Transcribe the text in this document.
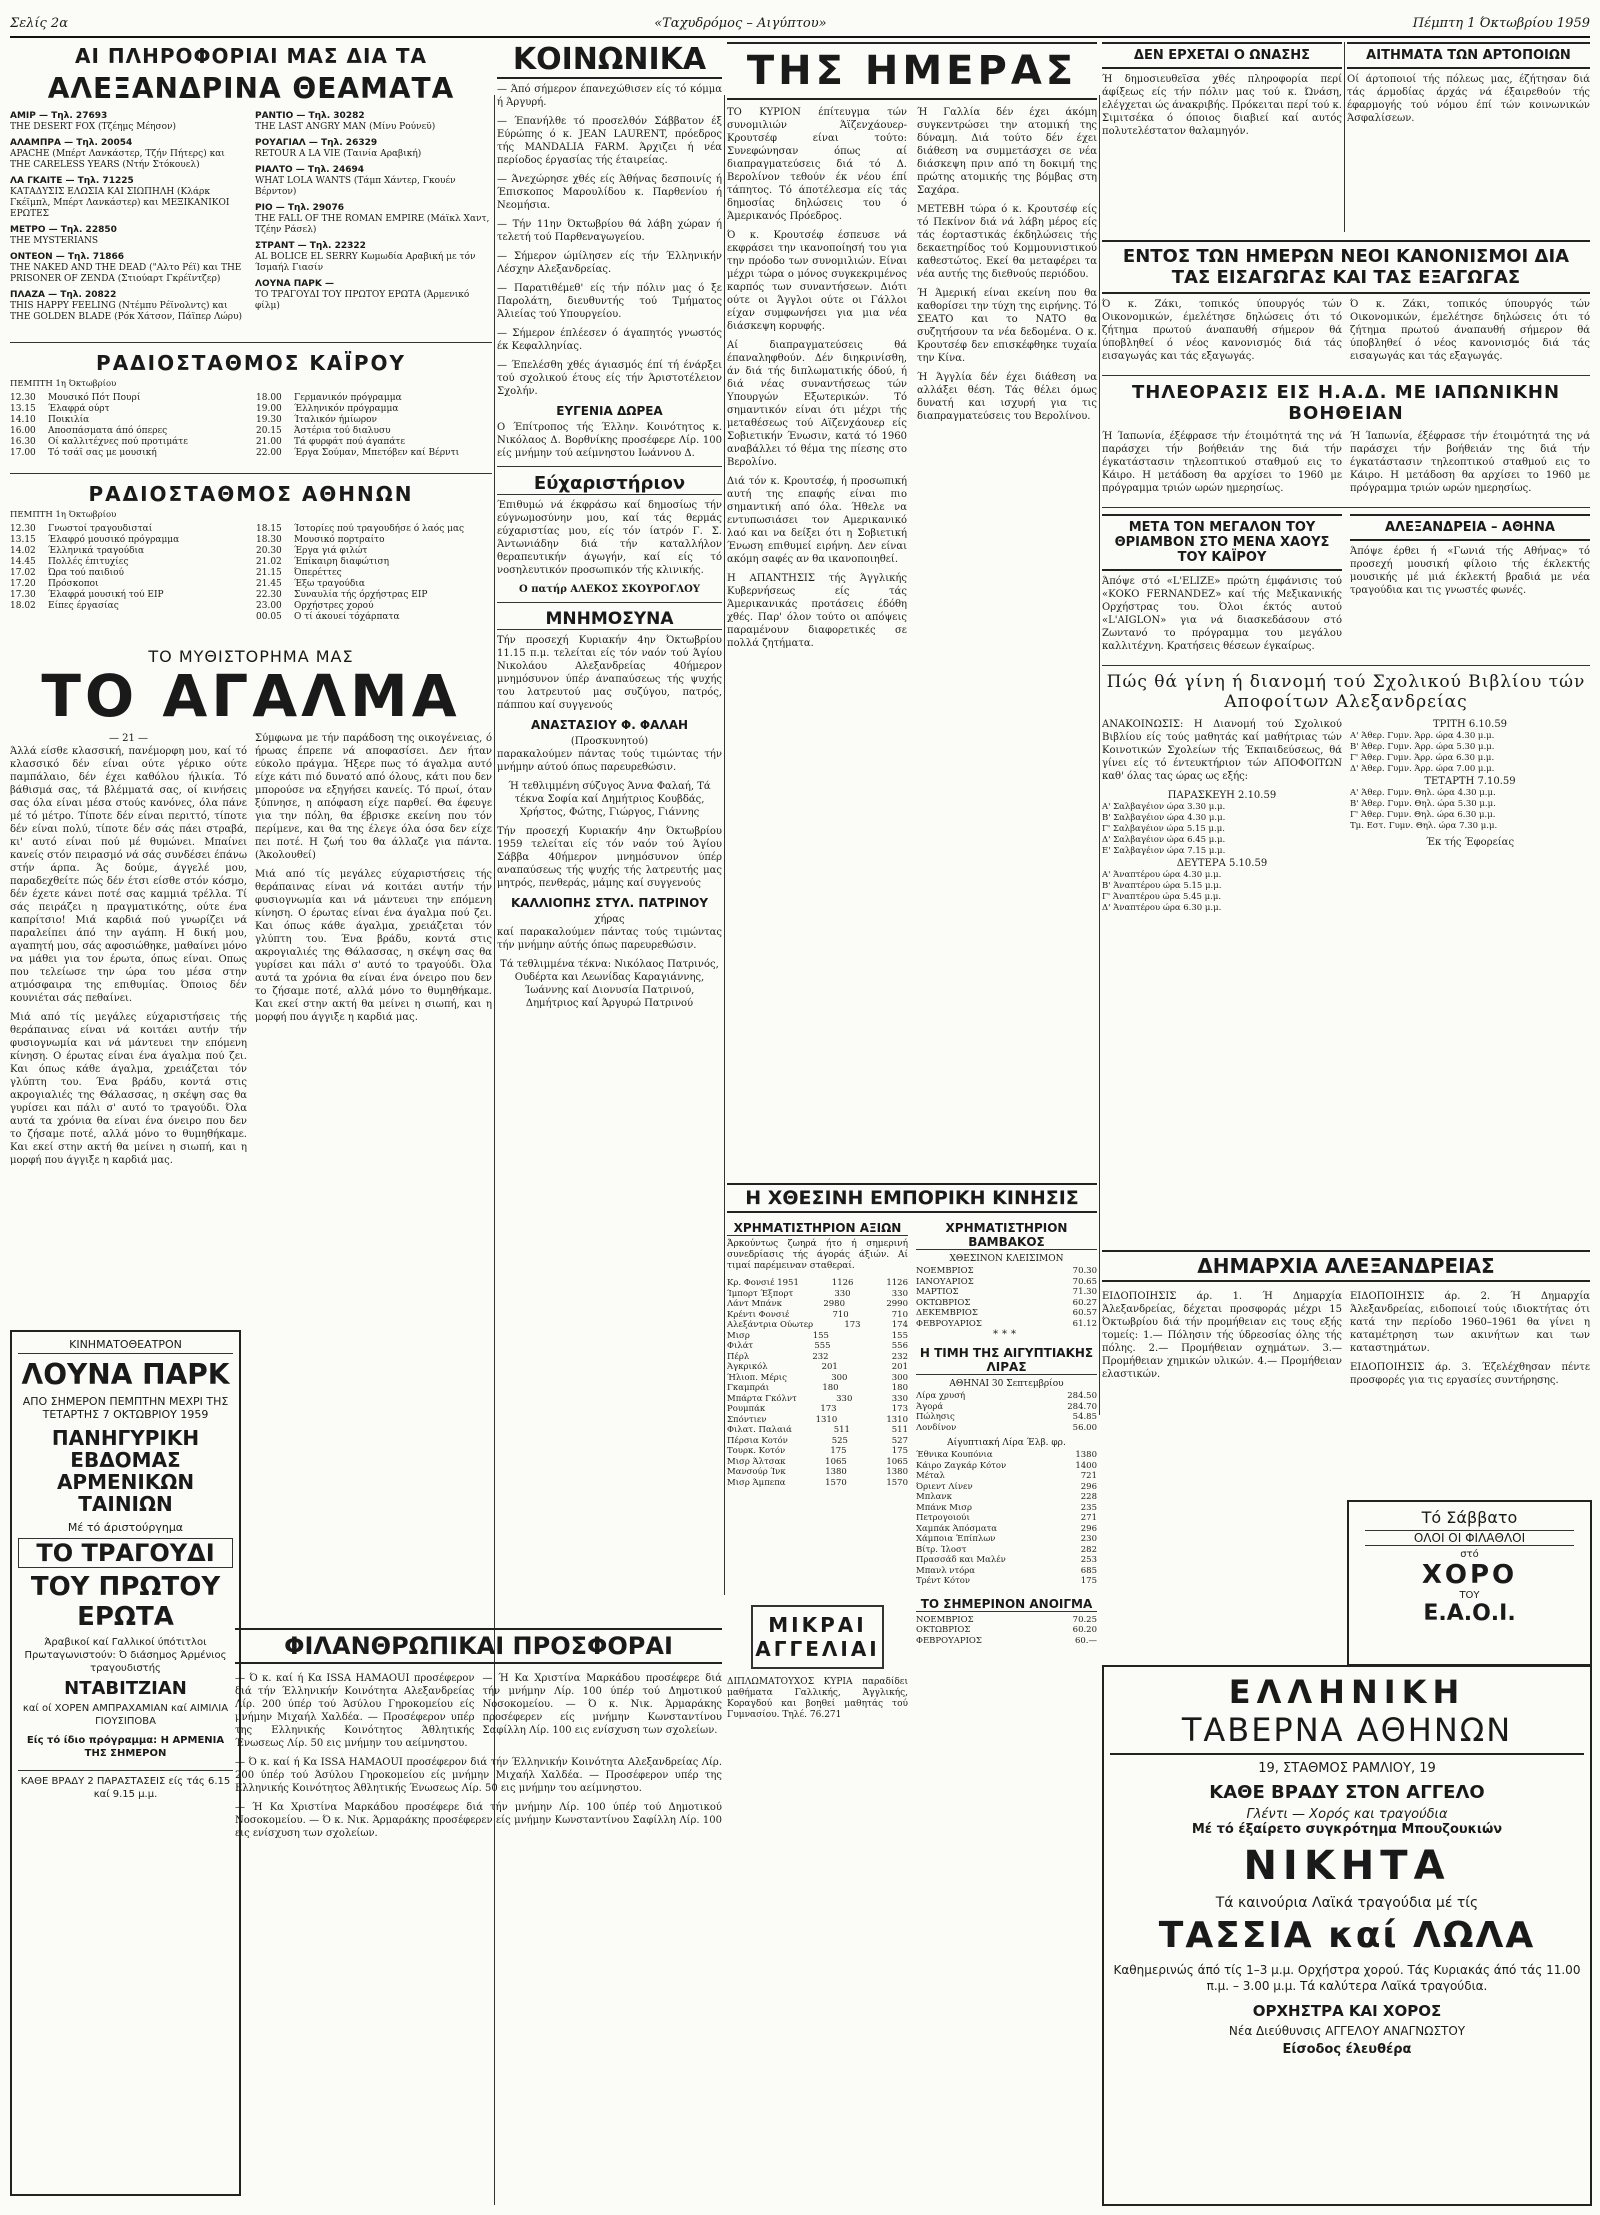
Σελίς 2α	«Ταχυδρόμος – Αιγύπτου»	Πέμπτη 1 Όκτωβρίου 1959
ΑΙ ΠΛΗΡΟΦΟΡΙΑΙ ΜΑΣ ΔΙΑ ΤΑ
ΑΛΕΞΑΝΔΡΙΝΑ ΘΕΑΜΑΤΑ
ΑΜΙΡ — Τηλ. 27693
THE DESERT FOX (Τζέημς Μέησον)
ΑΛΑΜΠΡΑ — Τηλ. 20054
APACHE (Μπέρτ Λανκάστερ, Τζήν Πήτερς) και THE CARELESS YEARS (Ντήν Στόκουελ)
ΛΑ ΓΚΑΙΤΕ — Τηλ. 71225
ΚΑΤΑΔΥΣΙΣ ΕΛΩΣΙΑ ΚΑΙ ΣΙΩΠΗΛΗ (Κλάρκ Γκέϊμπλ, Μπέρτ Λανκάστερ) και ΜΕΞΙΚΑΝΙΚΟΙ ΕΡΩΤΕΣ
ΜΕΤΡΟ — Τηλ. 22850
THE MYSTERIANS
ΟΝΤΕΟΝ — Τηλ. 71866
THE NAKED AND THE DEAD ("Αλτο Ρέϊ) και THE PRISONER OF ZENDA (Στιούαρτ Γκρέϊντζερ)
ΠΛΑΖΑ — Τηλ. 20822
THIS HAPPY FEELING (Ντέμπυ Ρέϊνολντς) και THE GOLDEN BLADE (Ρόκ Χάτσον, Πάϊπερ Λώρυ)
ΡΑΝΤΙΟ — Τηλ. 30282
THE LAST ANGRY MAN (Μίνυ Ρούνεϋ)
ΡΟΥΑΓΙΑΛ — Τηλ. 26329
RETOUR A LA VIE (Ταινία Αραβική)
ΡΙΑΛΤΟ — Τηλ. 24694
WHAT LOLA WANTS (Τάμπ Χάντερ, Γκουέν Βέρντον)
ΡΙΟ — Τηλ. 29076
THE FALL OF THE ROMAN EMPIRE (Μάϊκλ Χαντ, Τζέην Ράσελ)
ΣΤΡΑΝΤ — Τηλ. 22322
AL BOLICE EL SERRY Κωμωδία Αραβική με τόν Ίσμαήλ Γιασίν
ΛΟΥΝΑ ΠΑΡΚ —
ΤΟ ΤΡΑΓΟΥΔΙ ΤΟΥ ΠΡΩΤΟΥ ΕΡΩΤΑ (Άρμενικό φίλμ)
ΡΑΔΙΟΣΤΑΘΜΟΣ ΚΑΪΡΟΥ
ΠΕΜΠΤΗ 1η Όκτωβρίου
12.30	Μουσικό Πότ Πουρί
13.15	Έλαφρά ούρτ
14.10	Ποικιλία
16.00	Αποσπάσματα άπό όπερες
16.30	Οί καλλιτέχνες πού προτιμάτε
17.00	Τό τσάϊ σας με μουσική
18.00	Γερμανικόν πρόγραμμα
19.00	Έλληνικόν πρόγραμμα
19.30	Ίταλικόν ήμίωρον
20.15	Άστέρια τού διαλυσυ
21.00	Τά φυρφάτ πού άγαπάτε
22.00	Έργα Σούμαν, Μπετόβεν καί Βέρντι
ΡΑΔΙΟΣΤΑΘΜΟΣ ΑΘΗΝΩΝ
ΠΕΜΠΤΗ 1η Όκτωβρίου
12.30	Γνωστοί τραγουδισταί
13.15	Έλαφρό μουσικό πρόγραμμα
14.02	Έλληνικά τραγούδια
14.45	Πολλές έπιτυχίες
17.02	Ώρα τού παιδιού
17.20	Πρόσκοποι
17.30	Έλαφρά μουσική τού ΕΙΡ
18.02	Είπες έργασίας
18.15	Ίστορίες πού τραγουδήσε ό λαός μας
18.30	Μουσικό πορτραίτο
20.30	Έργα γιά φιλώτ
21.02	Έπίκαιρη διαφώτιση
21.15	Όπερέττες
21.45	Έξω τραγούδια
22.30	Συναυλία τής όρχήστρας ΕΙΡ
23.00	Ορχήστρες χορού
00.05	Ο τί άκουεί τόχάρπατα
ΤΟ ΜΥΘΙΣΤΟΡΗΜΑ ΜΑΣ
ΤΟ ΑΓΑΛΜΑ
— 21 —

Άλλά είσθε κλασσική, πανέμορφη μου, καί τό κλασσικό δέν είναι ούτε γέρικο ούτε παμπάλαιο, δέν έχει καθόλου ήλικία. Τό βάθισμά σας, τά βλέμματά σας, οί κινήσεις σας όλα είναι μέσα στούς κανόνες, όλα πάνε μέ τό μέτρο. Τίποτε δέν είναι περιττό, τίποτε δέν είναι πολύ, τίποτε δέν σάς πάει στραβά, κι' αυτό είναι πού μέ θυμώνει. Μπαίνει κανείς στόν πειρασμό νά σάς συνδέσει έπάνω στήν άρπα. Άς δούμε, άγγελέ μου, παραδεχθείτε πώς δέν έτσι είσθε στόν κόσμο, δέν έχετε κάνει ποτέ σας καμμιά τρέλλα. Τί σάς πειράζει η πραγματικότης, ούτε ένα καπρίτσιο! Μιά καρδιά πού γνωρίζει νά παραλείπει άπό την αγάπη. Η δική μου, αγαπητή μου, σάς αφοσιώθηκε, μαθαίνει μόνο να μάθει για τον έρωτα, όπως είναι. Οπως που τελείωσε την ώρα του μέσα στην ατμόσφαιρα της επιθυμίας. Όποιος δέν κουνιέται σάς πεθαίνει.

Μιά από τίς μεγάλες εύχαριστήσεις τής θεράπαινας είναι νά κοιτάει αυτήν τήν φυσιογνωμία και νά μάντευει την επόμενη κίνηση. Ο έρωτας είναι ένα άγαλμα πού ζει. Και όπως κάθε άγαλμα, χρειάζεται τόν γλύπτη του. Ένα βράδυ, κοντά στις ακρογιαλιές της Θάλασσας, η σκέψη σας θα γυρίσει και πάλι σ' αυτό το τραγούδι. Όλα αυτά τα χρόνια θα είναι ένα όνειρο που δεν το ζήσαμε ποτέ, αλλά μόνο το θυμηθήκαμε. Και εκεί στην ακτή θα μείνει η σιωπή, και η μορφή που άγγιξε η καρδιά μας.

Σύμφωνα με τήν παράδοση της οικογένειας, ό ήρωας έπρεπε νά αποφασίσει. Δεν ήταν εύκολο πράγμα. Ήξερε πως τό άγαλμα αυτό είχε κάτι πιό δυνατό από όλους, κάτι που δεν μπορούσε να εξηγήσει κανείς. Τό πρωί, όταν ξύπνησε, η απόφαση είχε παρθεί. Θα έφευγε για την πόλη, θα έβρισκε εκείνη που τόν περίμενε, και θα της έλεγε όλα όσα δεν είχε πει ποτέ. Η ζωή του θα άλλαζε για πάντα. (Άκολουθεί)

Μιά από τίς μεγάλες εύχαριστήσεις τής θεράπαινας είναι νά κοιτάει αυτήν τήν φυσιογνωμία και νά μάντευει την επόμενη κίνηση. Ο έρωτας είναι ένα άγαλμα πού ζει. Και όπως κάθε άγαλμα, χρειάζεται τόν γλύπτη του. Ένα βράδυ, κοντά στις ακρογιαλιές της Θάλασσας, η σκέψη σας θα γυρίσει και πάλι σ' αυτό το τραγούδι. Όλα αυτά τα χρόνια θα είναι ένα όνειρο που δεν το ζήσαμε ποτέ, αλλά μόνο το θυμηθήκαμε. Και εκεί στην ακτή θα μείνει η σιωπή, και η μορφή που άγγιξε η καρδιά μας.

ΚΙΝΗΜΑΤΟΘΕΑΤΡΟΝ
ΛΟΥΝΑ ΠΑΡΚ
ΑΠΟ ΣΗΜΕΡΟΝ ΠΕΜΠΤΗΝ ΜΕΧΡΙ ΤΗΣ ΤΕΤΑΡΤΗΣ 7 ΟΚΤΩΒΡΙΟΥ 1959
ΠΑΝΗΓΥΡΙΚΗ ΕΒΔΟΜΑΣ ΑΡΜΕΝΙΚΩΝ ΤΑΙΝΙΩΝ
Μέ τό άριστούργημα
ΤΟ ΤΡΑΓΟΥΔΙ
ΤΟΥ ΠΡΩΤΟΥ ΕΡΩΤΑ
Άραβικοί καί Γαλλικοί ύπότιτλοι Πρωταγωνιστούν: Ό διάσημος Άρμένιος τραγουδιστής
ΝΤΑΒΙΤΖΙΑΝ
καί οί ΧΟΡΕΝ ΑΜΠΡΑΧΑΜΙΑΝ καί ΑΙΜΙΛΙΑ ΓΙΟΥΣΙΠΟΒΑ
Είς τό ίδιο πρόγραμμα: Η ΑΡΜΕΝΙΑ ΤΗΣ ΣΗΜΕΡΟΝ
ΚΑΘΕ ΒΡΑΔΥ 2 ΠΑΡΑΣΤΑΣΕΙΣ είς τάς 6.15 καί 9.15 μ.μ.
ΚΟΙΝΩΝΙΚΑ

— Άπό σήμερον έπανεχώθισεν είς τό κόμμα ή Άργυρή.

— Έπανήλθε τό προσελθόν Σάββατον έξ Εύρώπης ό κ. JEAN LAURENT, πρόεδρος τής MANDALIA FARM. Άρχιζει ή νέα περίοδος έργασίας τής έταιρείας.

— Άνεχώρησε χθές είς Άθήνας δεσποινίς ή Έπισκοπος Μαρουλίδου κ. Παρθενίου ή Νεομήσια.

— Τήν 11ην Όκτωβρίου θά λάβη χώραν ή τελετή τού Παρθεναγωγείου.

— Σήμερον ώμίλησεν είς τήν Έλληνικήν Λέσχην Αλεξανδρείας.

— Παρατιθέμεθ' είς τήν πόλιν μας ό ξε Παρολάτη, διευθυντής τού Τμήματος Άλιείας τού Υπουργείου.

— Σήμερον έπλέεσεν ό άγαπητός γνωστός έκ Κεφαλληνίας.

— Έπελέσθη χθές άγιασμός έπί τή ένάρξει τού σχολικού έτους είς τήν Άριστοτέλειον Σχολήν.

ΕΥΓΕΝΙΑ ΔΩΡΕΑ

Ο Έπίτροπος τής Έλλην. Κοινότητος κ. Νικόλαος Δ. Βορθνίκης προσέφερε Λίρ. 100 είς μνήμην τού αείμνηστου Ιωάννου Δ.

Εύχαριστήριον

Έπιθυμώ νά έκφράσω καί δημοσίως τήν εύγνωμοσύνην μου, καί τάς θερμάς εύχαριστίας μου, είς τόν ίατρόν Γ. Σ. Άντωνιάδην διά τήν καταλλήλον θεραπευτικήν άγωγήν, καί είς τό νοσηλευτικόν προσωπικόν τής κλινικής.

Ο πατήρ ΑΛΕΚΟΣ ΣΚΟΥΡΟΓΛΟΥ
ΜΝΗΜΟΣΥΝΑ

Τήν προσεχή Κυριακήν 4ην Όκτωβρίου 11.15 π.μ. τελείται είς τόν ναόν τού Άγίου Νικολάου Αλεξανδρείας 40ήμερον μνημόσυνον ύπέρ άναπαύσεως τής ψυχής του λατρευτού μας συζύγου, πατρός, πάππου καί συγγενούς

ΑΝΑΣΤΑΣΙΟΥ Φ. ΦΑΛΑΗ
(Προσκυνητού)

παρακαλούμεν πάντας τούς τιμώντας τήν μνήμην αύτού όπως παρευρεθώσιν.

Ή τεθλιμμένη σύζυγος Άννα Φαλαή, Τά τέκνα Σοφία καί Δημήτριος Κουβδάς, Χρήστος, Φώτης, Γιώργος, Γιάννης

Τήν προσεχή Κυριακήν 4ην Όκτωβρίου 1959 τελείται είς τόν ναόν τού Άγίου Σάββα 40ήμερον μνημόσυνον ύπέρ αναπαύσεως τής ψυχής τής λατρευτής μας μητρός, πενθεράς, μάμης καί συγγενούς

ΚΑΛΛΙΟΠΗΣ ΣΤΥΛ. ΠΑΤΡΙΝΟΥ
χήρας

καί παρακαλούμεν πάντας τούς τιμώντας τήν μνήμην αύτής όπως παρευρεθώσιν.

Τά τεθλιμμένα τέκνα: Νικόλαος Πατρινός, Ουδέρτα και Λεωνίδας Καραγιάννης, Ίωάννης καί Διονυσία Πατρινού, Δημήτριος καί Άργυρώ Πατρινού

ΦΙΛΑΝΘΡΩΠΙΚΑΙ ΠΡΟΣΦΟΡΑΙ

— Ό κ. καί ή Κα ISSA HAMAOUI προσέφερον διά τήν Έλληνικήν Κοινότητα Αλεξανδρείας Λίρ. 200 ύπέρ τού Άσύλου Γηροκομείου είς μνήμην Μιχαήλ Χαλδέα. — Προσέφερον υπέρ της Ελληνικής Κοινότητος Άθλητικής Ένωσεως Λίρ. 50 εις μνήμην του αείμνηστου.

— Ή Κα Χριστίνα Μαρκάδου προσέφερε διά τήν μνήμην Λίρ. 100 ύπέρ τού Δημοτικού Νοσοκομείου. — Ό κ. Νικ. Άρμαράκης προσέφερεν είς μνήμην Κωνσταντίνου Σαφίλλη Λίρ. 100 εις ενίσχυση των σχολείων.

— Ό κ. καί ή Κα ISSA HAMAOUI προσέφερον διά τήν Έλληνικήν Κοινότητα Αλεξανδρείας Λίρ. 200 ύπέρ τού Άσύλου Γηροκομείου είς μνήμην Μιχαήλ Χαλδέα. — Προσέφερον υπέρ της Ελληνικής Κοινότητος Άθλητικής Ένωσεως Λίρ. 50 εις μνήμην του αείμνηστου.

— Ή Κα Χριστίνα Μαρκάδου προσέφερε διά τήν μνήμην Λίρ. 100 ύπέρ τού Δημοτικού Νοσοκομείου. — Ό κ. Νικ. Άρμαράκης προσέφερεν είς μνήμην Κωνσταντίνου Σαφίλλη Λίρ. 100 εις ενίσχυση των σχολείων.

ΤΗΣ ΗΜΕΡΑΣ

ΤΟ ΚΥΡΙΟΝ έπίτευγμα τών συνομιλιών Άϊζενχάουερ-Κρουτσέφ είναι τούτο: Συνεφώνησαν όπως αί διαπραγματεύσεις διά τό Δ. Βερολίνον τεθούν έκ νέου έπί τάπητος. Τό άποτέλεσμα είς τάς δημοσίας δηλώσεις του ό Άμερικανός Πρόεδρος.

Ό κ. Κρουτσέφ έσπευσε νά εκφράσει την ικανοποίησή του για την πρόοδο των συνομιλιών. Είναι μέχρι τώρα ο μόνος συγκεκριμένος καρπός των συναντήσεων. Διότι ούτε οι Άγγλοι ούτε οι Γάλλοι είχαν συμφωνήσει για μια νέα διάσκεψη κορυφής.

Αί διαπραγματεύσεις θά έπαναληφθούν. Δέν διηκρινίσθη, άν διά τής διπλωματικής όδού, ή διά νέας συναντήσεως τών Υπουργών Εξωτερικών. Τό σημαντικόν είναι ότι μέχρι τής μεταθέσεως τού Αϊζενχάουερ είς Σοβιετικήν Ένωσιν, κατά τό 1960 αναβάλλει τό θέμα της πίεσης στο Βερολίνο.

Διά τόν κ. Κρουτσέφ, ή προσωπική αυτή της επαφής είναι πιο σημαντική από όλα. Ήθελε να εντυπωσιάσει τον Αμερικανικό λαό και να δείξει ότι η Σοβιετική Ένωση επιθυμεί ειρήνη. Δεν είναι ακόμη σαφές αν θα ικανοποιηθεί.

Η ΑΠΑΝΤΗΣΙΣ τής Άγγλικής Κυβερνήσεως είς τάς Άμερικανικάς προτάσεις έδόθη χθές. Παρ' όλον τούτο οι απόψεις παραμένουν διαφορετικές σε πολλά ζητήματα.

Ή Γαλλία δέν έχει άκόμη συγκεντρώσει την ατομική της δύναμη. Διά τούτο δέν έχει διάθεση να συμμετάσχει σε νέα διάσκεψη πριν από τη δοκιμή της πρώτης ατομικής της βόμβας στη Σαχάρα.

ΜΕΤΕΒΗ τώρα ό κ. Κρουτσέφ είς τό Πεκίνον διά νά λάβη μέρος είς τάς έορταστικάς έκδηλώσεις τής δεκαετηρίδος τού Κομμουνιστικού καθεστώτος. Εκεί θα μεταφέρει τα νέα αυτής της διεθνούς περιόδου.

Ή Άμερική είναι εκείνη που θα καθορίσει την τύχη της ειρήνης. Τό ΣΕΑΤΟ και το ΝΑΤΟ θα συζητήσουν τα νέα δεδομένα. Ο κ. Κρουτσέφ δεν επισκέφθηκε τυχαία την Κίνα.

Ή Άγγλία δέν έχει διάθεση να αλλάξει θέση. Τάς θέλει όμως δυνατή και ισχυρή για τις διαπραγματεύσεις του Βερολίνου.

Η ΧΘΕΣΙΝΗ ΕΜΠΟΡΙΚΗ ΚΙΝΗΣΙΣ
ΧΡΗΜΑΤΙΣΤΗΡΙΟΝ ΑΞΙΩΝ

Άρκούντως ζωηρά ήτο ή σημερινή συνεδρίασις τής άγοράς άξιών. Αί τιμαί παρέμειναν σταθεραί.

Κρ. Φονσιέ 1951	1126	1126
Ίμπορτ Έξπορτ	330	330
Λάντ Μπάνκ	2980	2990
Κρέντι Φονσιέ	710	710
Αλεξάντρια Ούωτερ	173	174
Μισρ	155	155
Φιλάτ	555	556
Πέρλ	232	232
Άγκρικόλ	201	201
Ήλιοπ. Μέρις	300	300
Γκαμπράι	180	180
Μπάρτα Γκόλντ	330	330
Ρουμπάκ	173	173
Σπόντιεν	1310	1310
Φιλατ. Παλαιά	511	511
Πέρσια Κοτόν	525	527
Τουρκ. Κοτόν	175	175
Μισρ Άλτσακ	1065	1065
Μανσούρ Ίνκ	1380	1380
Μισρ Άμπεπα	1570	1570
ΧΡΗΜΑΤΙΣΤΗΡΙΟΝ ΒΑΜΒΑΚΟΣ
ΧΘΕΣΙΝΟΝ ΚΛΕΙΣΙΜΟΝ
ΝΟΕΜΒΡΙΟΣ	70.30
ΙΑΝΟΥΑΡΙΟΣ	70.65
ΜΑΡΤΙΟΣ	71.30
ΟΚΤΩΒΡΙΟΣ	60.27
ΔΕΚΕΜΒΡΙΟΣ	60.57
ΦΕΒΡΟΥΑΡΙΟΣ	61.12
***
Η ΤΙΜΗ ΤΗΣ ΑΙΓΥΠΤΙΑΚΗΣ ΛΙΡΑΣ
ΑΘΗΝΑΙ 30 Σεπτεμβρίου
Λίρα χρυσή	284.50
Άγορά	284.70
Πώλησις	54.85
Λονδίνον	56.00
Αίγυπτιακή Λίρα Έλβ. φρ.
Έθνικα Κουπόνια	1380
Κάιρο Ζαγκάρ Κότον	1400
Μέταλ	721
Όριεντ Λίνεν	296
Μπλανκ	228
Μπάνκ Μισρ	235
Πετρογοιούι	271
Χαμπάκ Άπόσματα	296
Χάμποια Έπίπλων	230
Βίτρ. Ίλοστ	282
Πρασσάδ και Μαλέν	253
Μπανλ ντόρα	685
Τρέντ Κότον	175
ΜΙΚΡΑΙ ΑΓΓΕΛΙΑΙ

ΔΙΠΛΩΜΑΤΟΥΧΟΣ ΚΥΡΙΑ παραδίδει μαθήματα Γαλλικής, Άγγλικής, Κοραγδού και βοηθεί μαθητάς τού Γυμνασίου. Τηλέ. 76.271

ΤΟ ΣΗΜΕΡΙΝΟΝ ΑΝΟΙΓΜΑ
ΝΟΕΜΒΡΙΟΣ	70.25
ΟΚΤΩΒΡΙΟΣ	60.20
ΦΕΒΡΟΥΑΡΙΟΣ	60.—
ΔΕΝ ΕΡΧΕΤΑΙ Ο ΩΝΑΣΗΣ

Ή δημοσιευθεϊσα χθές πληροφορία περί άφίξεως είς τήν πόλιν μας τού κ. Ώνάση, ελέγχεται ώς άνακριβής. Πρόκειται περί τού κ. Σιμιτσέκα ό όποιος διαβιεί καί αυτός πολυτελέστατον θαλαμηγόν.

ΑΙΤΗΜΑΤΑ ΤΩΝ ΑΡΤΟΠΟΙΩΝ

Οί άρτοποιοί τής πόλεως μας, έζήτησαν διά τάς άρμοδίας άρχάς νά έξαιρεθούν τής έφαρμογής τού νόμου έπί τών κοινωνικών Άσφαλίσεων.

ΕΝΤΟΣ ΤΩΝ ΗΜΕΡΩΝ ΝΕΟΙ ΚΑΝΟΝΙΣΜΟΙ ΔΙΑ ΤΑΣ ΕΙΣΑΓΩΓΑΣ ΚΑΙ ΤΑΣ ΕΞΑΓΩΓΑΣ

Ό κ. Ζάκι, τοπικός ύπουργός τών Οικονομικών, έμελέτησε δηλώσεις ότι τό ζήτημα πρωτού άναπαυθή σήμερον θά ύποβληθεί ό νέος κανονισμός διά τάς εισαγωγάς και τάς εξαγωγάς.

Ό κ. Ζάκι, τοπικός ύπουργός τών Οικονομικών, έμελέτησε δηλώσεις ότι τό ζήτημα πρωτού άναπαυθή σήμερον θά ύποβληθεί ό νέος κανονισμός διά τάς εισαγωγάς και τάς εξαγωγάς.

ΤΗΛΕΟΡΑΣΙΣ ΕΙΣ Η.Α.Δ. ΜΕ ΙΑΠΩΝΙΚΗΝ ΒΟΗΘΕΙΑΝ

Ή Ίαπωνία, έξέφρασε τήν έτοιμότητά της νά παράσχει τήν βοήθειάν της διά τήν έγκατάστασιν τηλεοπτικού σταθμού εις το Κάιρο. Η μετάδοση θα αρχίσει το 1960 με πρόγραμμα τριών ωρών ημερησίως.

Ή Ίαπωνία, έξέφρασε τήν έτοιμότητά της νά παράσχει τήν βοήθειάν της διά τήν έγκατάστασιν τηλεοπτικού σταθμού εις το Κάιρο. Η μετάδοση θα αρχίσει το 1960 με πρόγραμμα τριών ωρών ημερησίως.

ΜΕΤΑ ΤΟΝ ΜΕΓΑΛΟΝ ΤΟΥ ΘΡΙΑΜΒΟΝ ΣΤΟ ΜΕΝΑ ΧΑΟΥΣ ΤΟΥ ΚΑΪΡΟΥ

Άπόψε στό «L'ELIZE» πρώτη έμφάνισις τού «ΚΟΚΟ FERNANDEZ» καί τής Μεξικανικής Ορχήστρας του. Όλοι έκτός αυτού «L'AIGLON» για νά διασκεδάσουν στό Ζωντανό το πρόγραμμα του μεγάλου καλλιτέχνη. Κρατήσεις θέσεων έγκαίρως.

ΑΛΕΞΑΝΔΡΕΙΑ – ΑΘΗΝΑ

Άπόψε έρθει ή «Γωνιά τής Αθήνας» τό προσεχή μουσική φίλοιο τής έκλεκτής μουσικής μέ μιά έκλεκτή βραδιά με νέα τραγούδια και τις γνωστές φωνές.

Πώς θά γίνη ή διανομή τού Σχολικού Βιβλίου τών Αποφοίτων Αλεξανδρείας

ΑΝΑΚΟΙΝΩΣΙΣ: Η Διανομή τού Σχολικού Βιβλίου είς τούς μαθητάς καί μαθήτριας τών Κοινοτικών Σχολείων τής Έκπαιδεύσεως, θά γίνει είς τό έντευκτήριον τών ΑΠΟΦΟΙΤΩΝ καθ' όλας τας ώρας ως εξής:

ΠΑΡΑΣΚΕΥΗ 2.10.59
Α' Σαλβαγέιον ώρα 3.30 μ.μ.
Β' Σαλβαγέιον ώρα 4.30 μ.μ.
Γ' Σαλβαγέιον ώρα 5.15 μ.μ.
Δ' Σαλβαγέιον ώρα 6.45 μ.μ.
Ε' Σαλβαγέιον ώρα 7.15 μ.μ.
ΔΕΥΤΕΡΑ 5.10.59
Α' Άναπτέρου ώρα 4.30 μ.μ.
Β' Άναπτέρου ώρα 5.15 μ.μ.
Γ' Άναπτέρου ώρα 5.45 μ.μ.
Δ' Άναπτέρου ώρα 6.30 μ.μ.
ΤΡΙΤΗ 6.10.59
Α' Άθερ. Γυμν. Άρρ. ώρα 4.30 μ.μ.
Β' Άθερ. Γυμν. Άρρ. ώρα 5.30 μ.μ.
Γ' Άθερ. Γυμν. Άρρ. ώρα 6.30 μ.μ.
Δ' Άθερ. Γυμν. Άρρ. ώρα 7.00 μ.μ.
ΤΕΤΑΡΤΗ 7.10.59
Α' Άθερ. Γυμν. Θηλ. ώρα 4.30 μ.μ.
Β' Άθερ. Γυμν. Θηλ. ώρα 5.30 μ.μ.
Γ' Άθερ. Γυμν. Θηλ. ώρα 6.30 μ.μ.
Τμ. Εστ. Γυμν. Θηλ. ώρα 7.30 μ.μ.
Έκ τής Έφορείας
ΔΗΜΑΡΧΙΑ ΑΛΕΞΑΝΔΡΕΙΑΣ

ΕΙΔΟΠΟΙΗΣΙΣ άρ. 1. Ή Δημαρχία Άλεξανδρείας, δέχεται προσφοράς μέχρι 15 Όκτωβρίου διά τήν προμήθειαν εις τους εξής τομείς: 1.— Πόλησιν τής ύδρεοσίας όλης τής πόλης. 2.— Προμήθειαν οχημάτων. 3.— Προμήθειαν χημικών υλικών. 4.— Προμήθειαν ελαστικών.

ΕΙΔΟΠΟΙΗΣΙΣ άρ. 2. Ή Δημαρχία Άλεξανδρείας, ειδοποιεί τούς ιδιοκτήτας ότι κατά την περίοδο 1960–1961 θα γίνει η καταμέτρηση των ακινήτων και των καταστημάτων.

ΕΙΔΟΠΟΙΗΣΙΣ άρ. 3. Έζελέχθησαν πέντε προσφορές για τις εργασίες συντήρησης.

Τό Σάββατο
ΟΛΟΙ ΟΙ ΦΙΛΑΘΛΟΙ
στό
ΧΟΡΟ
ΤΟΥ
Ε.Α.Ο.Ι.
ΕΛΛΗΝΙΚΗ
ΤΑΒΕΡΝΑ ΑΘΗΝΩΝ
19, ΣΤΑΘΜΟΣ ΡΑΜΛΙΟΥ, 19
ΚΑΘΕ ΒΡΑΔΥ ΣΤΟΝ ΑΓΓΕΛΟ
Γλέντι — Χορός και τραγούδια
Μέ τό έξαίρετο συγκρότημα Μπουζουκιών
ΝΙΚΗΤΑ
Τά καινούρια Λαϊκά τραγούδια μέ τίς
ΤΑΣΣΙΑ καί ΛΩΛΑ
Καθημερινώς άπό τίς 1–3 μ.μ. Ορχήστρα χορού. Τάς Κυριακάς άπό τάς 11.00 π.μ. – 3.00 μ.μ. Τά καλύτερα Λαϊκά τραγούδια.
ΟΡΧΗΣΤΡΑ ΚΑΙ ΧΟΡΟΣ
Νέα Διεύθυνσις ΑΓΓΕΛΟΥ ΑΝΑΓΝΩΣΤΟΥ
Είσοδος έλευθέρα
